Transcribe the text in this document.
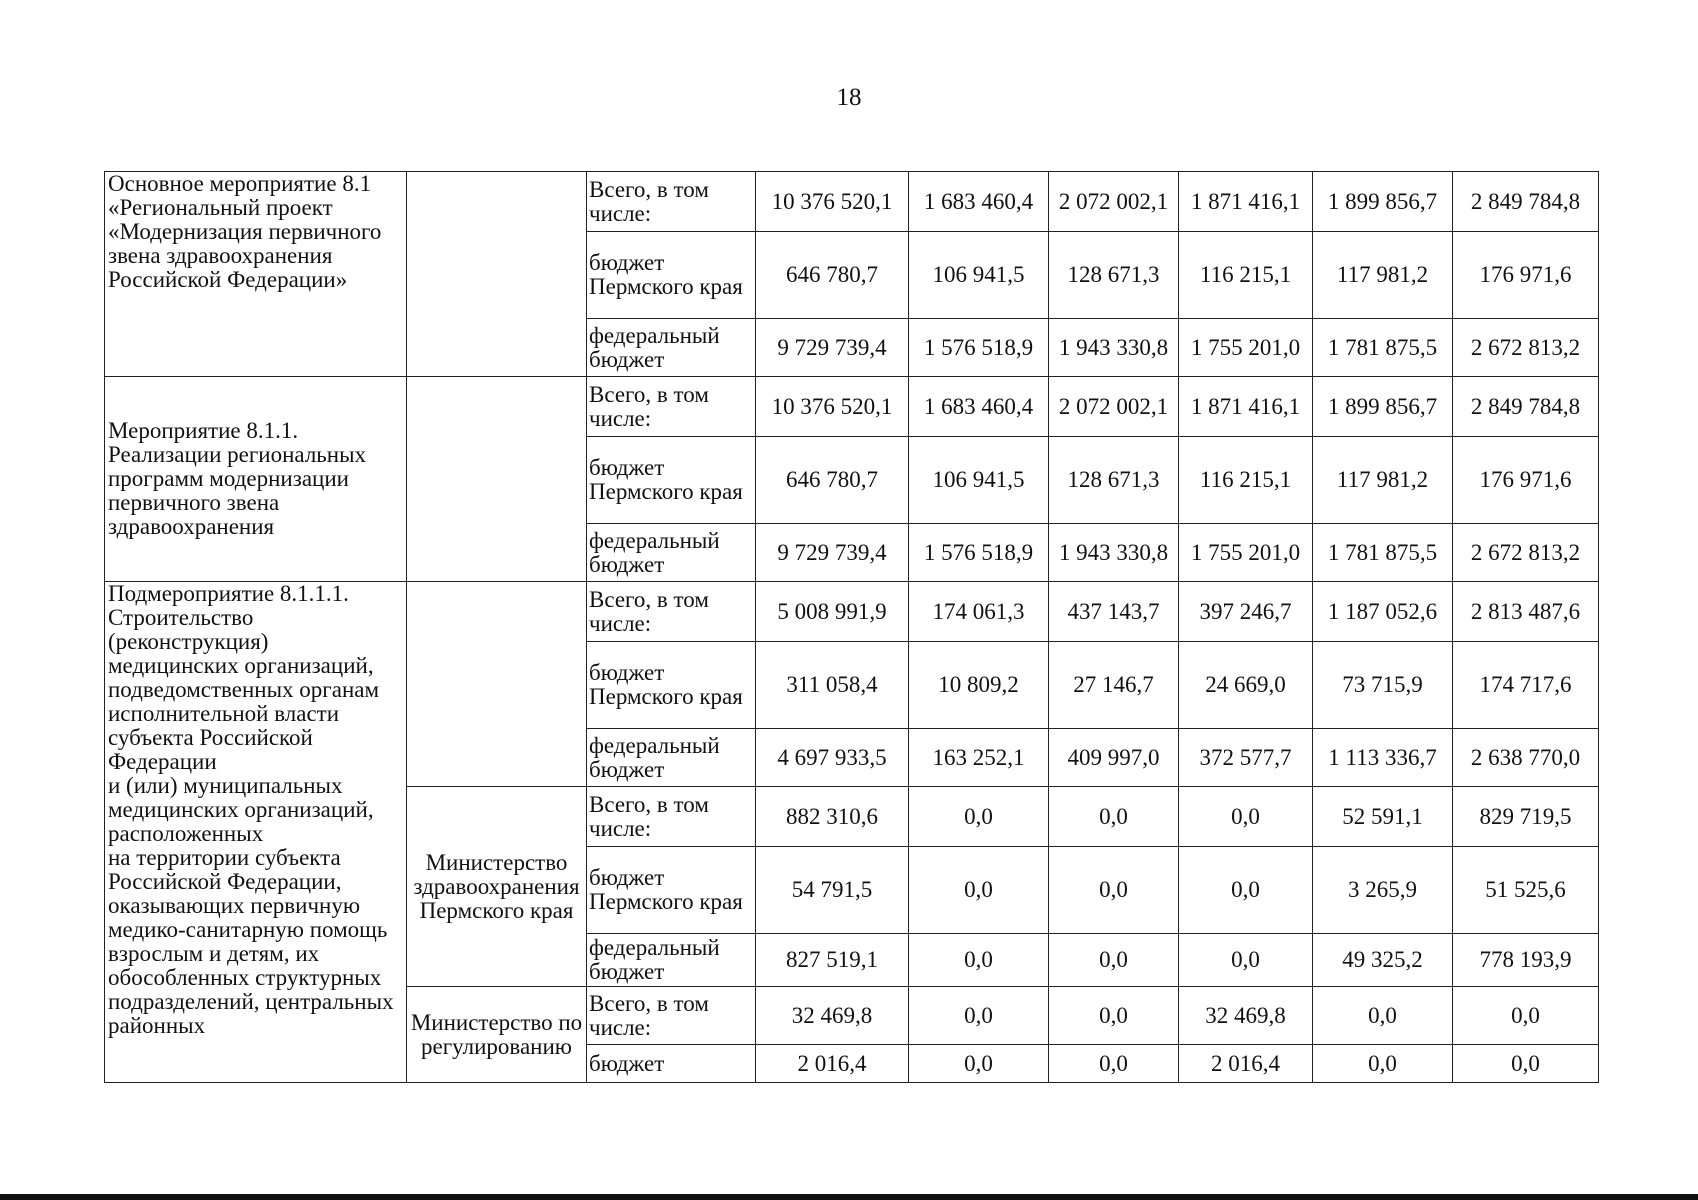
18
Основное мероприятие 8.1 «Региональный проект «Модернизация первичного звена здравоохранения Российской Федерации»		Всего, в том числе:	10 376 520,1	1 683 460,4	2 072 002,1	1 871 416,1	1 899 856,7	2 849 784,8
		бюджет Пермского края	646 780,7	106 941,5	128 671,3	116 215,1	117 981,2	176 971,6
		федеральный бюджет	9 729 739,4	1 576 518,9	1 943 330,8	1 755 201,0	1 781 875,5	2 672 813,2
Мероприятие 8.1.1. Реализации региональных программ модернизации первичного звена здравоохранения		Всего, в том числе:	10 376 520,1	1 683 460,4	2 072 002,1	1 871 416,1	1 899 856,7	2 849 784,8
		бюджет Пермского края	646 780,7	106 941,5	128 671,3	116 215,1	117 981,2	176 971,6
		федеральный бюджет	9 729 739,4	1 576 518,9	1 943 330,8	1 755 201,0	1 781 875,5	2 672 813,2
Подмероприятие 8.1.1.1. Строительство (реконструкция) медицинских организаций, подведомственных органам исполнительной власти субъекта Российской Федерации
и (или) муниципальных медицинских организаций, расположенных
на территории субъекта Российской Федерации, оказывающих первичную медико-санитарную помощь взрослым и детям, их обособленных структурных подразделений, центральных районных		Всего, в том числе:	5 008 991,9	174 061,3	437 143,7	397 246,7	1 187 052,6	2 813 487,6
		бюджет Пермского края	311 058,4	10 809,2	27 146,7	24 669,0	73 715,9	174 717,6
		федеральный бюджет	4 697 933,5	163 252,1	409 997,0	372 577,7	1 113 336,7	2 638 770,0
	Министерство здравоохранения Пермского края	Всего, в том числе:	882 310,6	0,0	0,0	0,0	52 591,1	829 719,5
		бюджет Пермского края	54 791,5	0,0	0,0	0,0	3 265,9	51 525,6
		федеральный бюджет	827 519,1	0,0	0,0	0,0	49 325,2	778 193,9
	Министерство по регулированию	Всего, в том числе:	32 469,8	0,0	0,0	32 469,8	0,0	0,0
		бюджет	2 016,4	0,0	0,0	2 016,4	0,0	0,0
